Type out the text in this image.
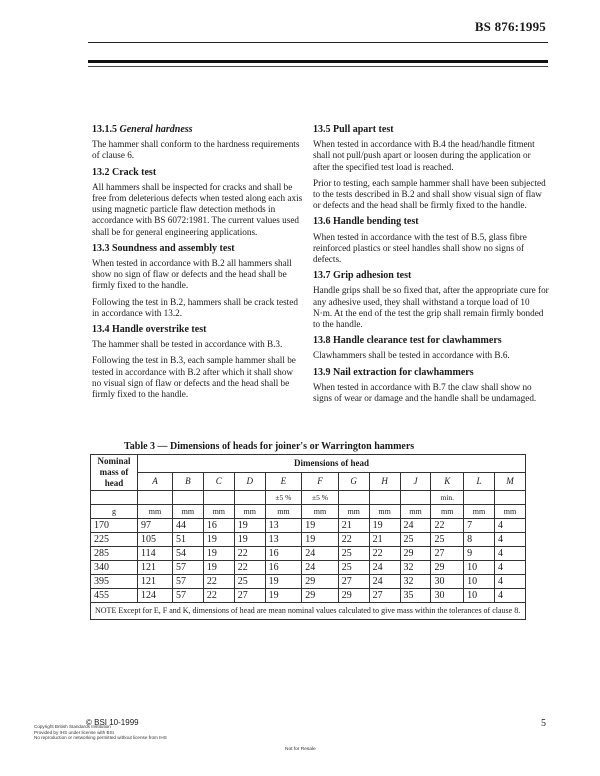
BS 876:1995
13.1.5 General hardness

The hammer shall conform to the hardness requirements of clause 6.

13.2 Crack test

All hammers shall be inspected for cracks and shall be free from deleterious defects when tested along each axis using magnetic particle flaw detection methods in accordance with BS 6072:1981. The current values used shall be for general engineering applications.

13.3 Soundness and assembly test

When tested in accordance with B.2 all hammers shall show no sign of flaw or defects and the head shall be firmly fixed to the handle.

Following the test in B.2, hammers shall be crack tested in accordance with 13.2.

13.4 Handle overstrike test

The hammer shall be tested in accordance with B.3.

Following the test in B.3, each sample hammer shall be tested in accordance with B.2 after which it shall show no visual sign of flaw or defects and the head shall be firmly fixed to the handle.

13.5 Pull apart test

When tested in accordance with B.4 the head/handle fitment shall not pull/push apart or loosen during the application or after the specified test load is reached.

Prior to testing, each sample hammer shall have been subjected to the tests described in B.2 and shall show visual sign of flaw or defects and the head shall be firmly fixed to the handle.

13.6 Handle bending test

When tested in accordance with the test of B.5, glass fibre reinforced plastics or steel handles shall show no signs of defects.

13.7 Grip adhesion test

Handle grips shall be so fixed that, after the appropriate cure for any adhesive used, they shall withstand a torque load of 10 N·m. At the end of the test the grip shall remain firmly bonded to the handle.

13.8 Handle clearance test for clawhammers

Clawhammers shall be tested in accordance with B.6.

13.9 Nail extraction for clawhammers

When tested in accordance with B.7 the claw shall show no signs of wear or damage and the handle shall be undamaged.

Table 3 — Dimensions of heads for joiner's or Warrington hammers
Nominal mass of head	Dimensions of head											
	A	B	C	D	E	F	G	H	J	K	L	M
					±5 %	±5 %				min.		
g	mm	mm	mm	mm	mm	mm	mm	mm	mm	mm	mm	mm
170	97	44	16	19	13	19	21	19	24	22	7	4
225	105	51	19	19	13	19	22	21	25	25	8	4
285	114	54	19	22	16	24	25	22	29	27	9	4
340	121	57	19	22	16	24	25	24	32	29	10	4
395	121	57	22	25	19	29	27	24	32	30	10	4
455	124	57	22	27	19	29	29	27	35	30	10	4
NOTE Except for E, F and K, dimensions of head are mean nominal values calculated to give mass within the tolerances of clause 8.												
© BSI 10-1999
Copyright British Standards Institution
Provided by IHS under license with BSI
No reproduction or networking permitted without license from IHS
Not for Resale
5
